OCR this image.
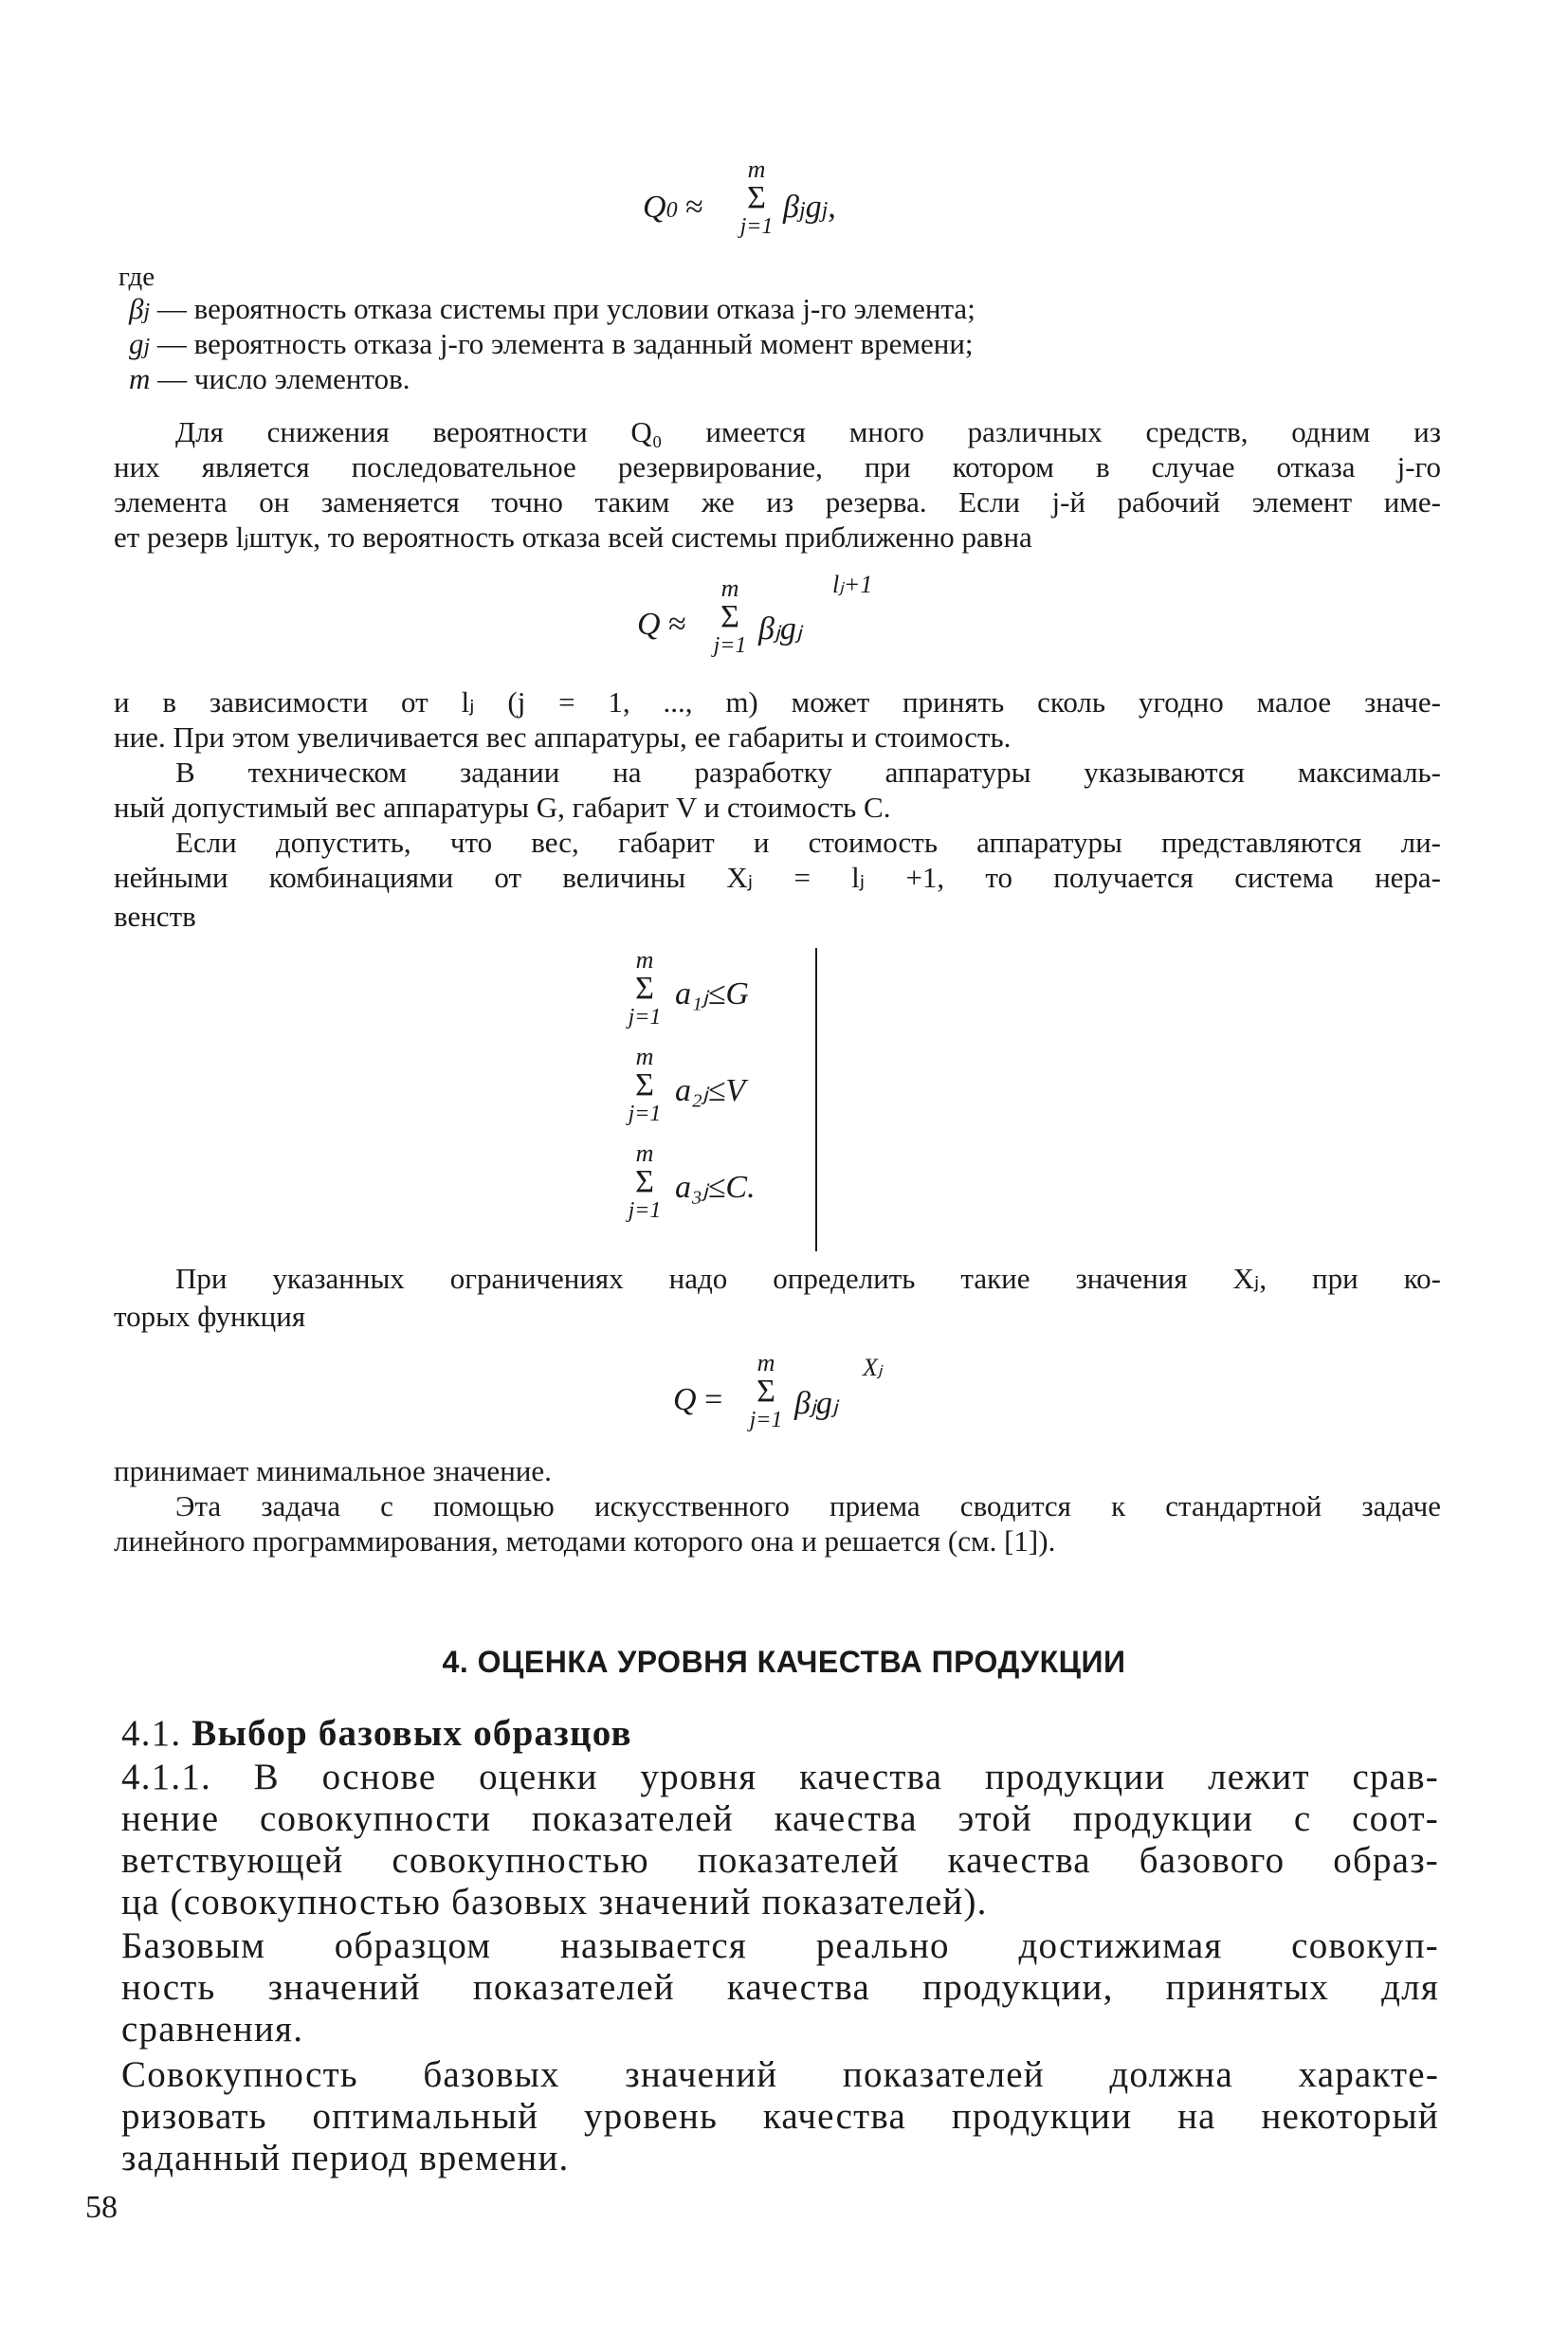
Q0 ≈
m
Σ
j=1
βjgj,
где
βj — вероятность отказа системы при условии отказа j-го элемента;
gj — вероятность отказа j-го элемента в заданный момент времени;
m — число элементов.
Для снижения вероятности Q₀ имеется много различных средств, одним из
них является последовательное резервирование, при котором в случае отказа j-го
элемента он заменяется точно таким же из резерва. Если j-й рабочий элемент име-
ет резерв lⱼштук, то вероятность отказа всей системы приближенно равна
Q ≈
m
Σ
j=1 βⱼgⱼ
lⱼ+1
и в зависимости от lⱼ (j = 1, ..., m) может принять сколь угодно малое значе-
ние. При этом увеличивается вес аппаратуры, ее габариты и стоимость.
В техническом задании на разработку аппаратуры указываются максималь-
ный допустимый вес аппаратуры G, габарит V и стоимость C.
Если допустить, что вес, габарит и стоимость аппаратуры представляются ли-
нейными комбинациями от величины Xⱼ = lⱼ +1, то получается система нера-
венств
m
Σ
j=1
a₁ⱼ≤G
m
Σ
j=1
a₂ⱼ≤V
m
Σ
j=1
a₃ⱼ≤C.
При указанных ограничениях надо определить такие значения Xⱼ, при ко-
торых функция
Q =
m
Σ
j=1 βⱼgⱼ
Xⱼ
принимает минимальное значение.
Эта задача с помощью искусственного приема сводится к стандартной задаче
линейного программирования, методами которого она и решается (см. [1]).
4. ОЦЕНКА УРОВНЯ КАЧЕСТВА ПРОДУКЦИИ
4.1. Выбор базовых образцов
4.1.1. В основе оценки уровня качества продукции лежит срав-
нение совокупности показателей качества этой продукции с соот-
ветствующей совокупностью показателей качества базового образ-
ца (совокупностью базовых значений показателей).
Базовым образцом называется реально достижимая совокуп-
ность значений показателей качества продукции, принятых для
сравнения.
Совокупность базовых значений показателей должна характе-
ризовать оптимальный уровень качества продукции на некоторый
заданный период времени.
58
